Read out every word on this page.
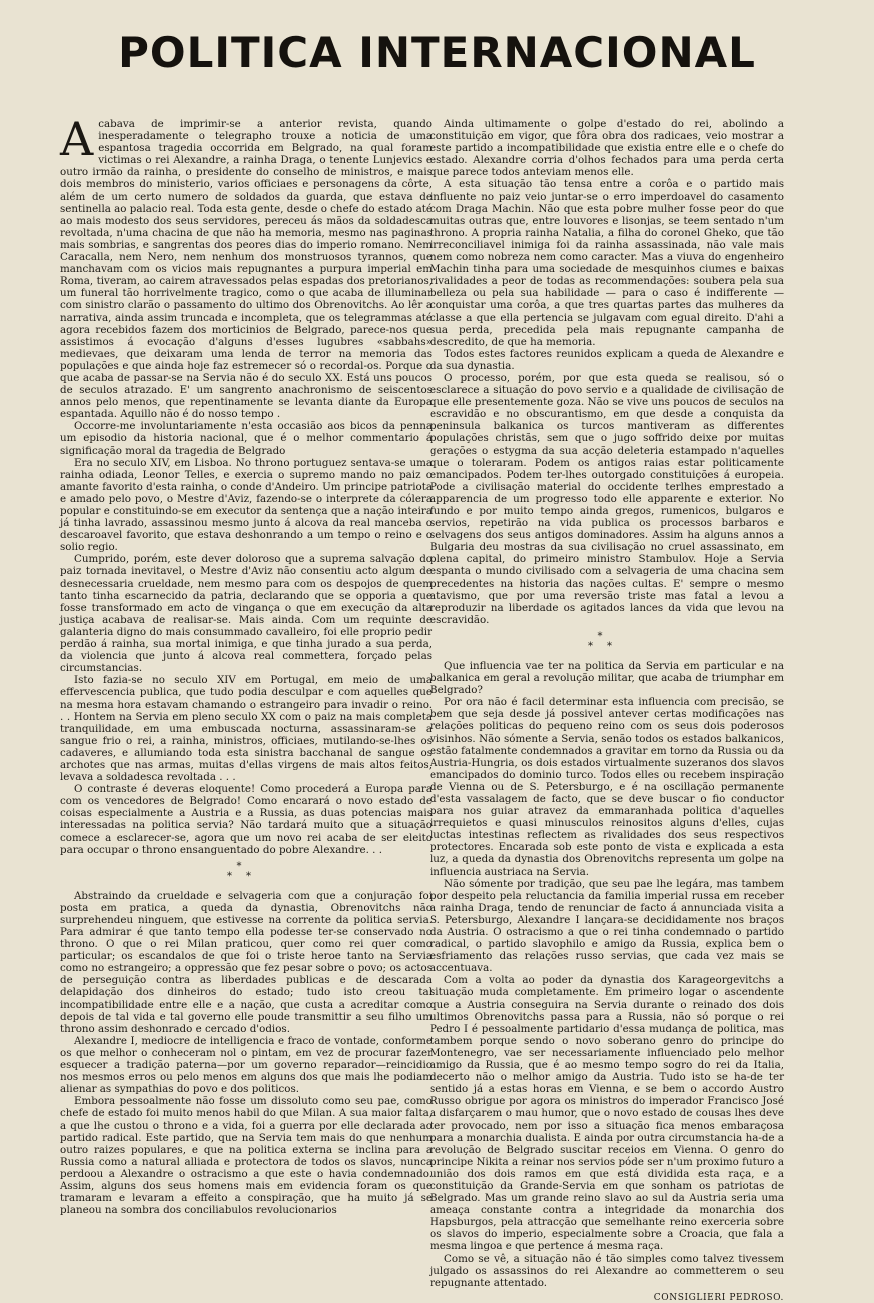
POLITICA INTERNACIONAL

Acabava de imprimir-se a anterior revista, quando inesperadamente o telegrapho trouxe a noticia de uma espantosa tragedia occorrida em Belgrado, na qual foram victimas o rei Alexandre, a rainha Draga, o tenente Lunjevics e outro irmão da rainha, o presidente do conselho de ministros, e mais dois membros do ministerio, varios officiaes e personagens da côrte, além de um certo numero de soldados da guarda, que estava de sentinella ao palacio real. Toda esta gente, desde o chefe do estado até ao mais modesto dos seus servidores, pereceu ás mãos da soldadesca revoltada, n'uma chacina de que não ha memoria, mesmo nas paginas mais sombrias, e sangrentas dos peores dias do imperio romano. Nem Caracalla, nem Nero, nem nenhum dos monstruosos tyrannos, que manchavam com os vicios mais repugnantes a purpura imperial em Roma, tiveram, ao cairem atravessados pelas espadas dos pretorianos, um funeral tão horrivelmente tragico, como o que acaba de illuminar com sinistro clarão o passamento do ultimo dos Obrenovitchs. Ao lêr a narrativa, ainda assim truncada e incompleta, que os telegrammas até agora recebidos fazem dos morticinios de Belgrado, parece-nos que assistimos á evocação d'alguns d'esses lugubres «sabbahs» medievaes, que deixaram uma lenda de terror na memoria das populações e que ainda hoje faz estremecer só o recordal-os. Porque o que acaba de passar-se na Servia não é do seculo XX. Está uns poucos de seculos atrazado. E' um sangrento anachronismo de seiscentos annos pelo menos, que repentinamente se levanta diante da Europa espantada. Aquillo não é do nosso tempo .

Occorre-me involuntariamente n'esta occasião aos bicos da penna um episodio da historia nacional, que é o melhor commentario á significação moral da tragedia de Belgrado

Era no seculo XIV, em Lisboa. No throno portuguez sentava-se uma rainha odiada, Leonor Telles, e exercia o supremo mando no paiz o amante favorito d'esta rainha, o conde d'Andeiro. Um principe patriota e amado pelo povo, o Mestre d'Aviz, fazendo-se o interprete da cólera popular e constituindo-se em executor da sentença que a nação inteira já tinha lavrado, assassinou mesmo junto á alcova da real manceba o descaroavel favorito, que estava deshonrando a um tempo o reino e o solio regio.

Cumprido, porém, este dever doloroso que a suprema salvação do paiz tornada inevitavel, o Mestre d'Aviz não consentiu acto algum de desnecessaria crueldade, nem mesmo para com os despojos de quem tanto tinha escarnecido da patria, declarando que se opporia a que fosse transformado em acto de vingança o que em execução da alta justiça acabava de realisar-se. Mais ainda. Com um requinte de galanteria digno do mais consummado cavalleiro, foi elle proprio pedir perdão á rainha, sua mortal inimiga, e que tinha jurado a sua perda, da violencia que junto á alcova real commettera, forçado pelas circumstancias.

Isto fazia-se no seculo XIV em Portugal, em meio de uma effervescencia publica, que tudo podia desculpar e com aquelles que na mesma hora estavam chamando o estrangeiro para invadir o reino. . . Hontem na Servia em pleno seculo XX com o paiz na mais completa tranquilidade, em uma embuscada nocturna, assassinaram-se a sangue frio o rei, a rainha, ministros, officiaes, mutilando-se-lhes os cadaveres, e allumiando toda esta sinistra bacchanal de sangue os archotes que nas armas, muitas d'ellas virgens de mais altos feitos, levava a soldadesca revoltada . . .

O contraste é deveras eloquente! Como procederá a Europa para com os vencedores de Belgrado! Como encarará o novo estado de coisas especialmente a Austria e a Russia, as duas potencias mais interessadas na politica servia? Não tardará muito que a situação comece a esclarecer-se, agora que um novo rei acaba de ser eleito para occupar o throno ensanguentado do pobre Alexandre. . .

*
**

Abstraindo da crueldade e selvageria com que a conjuração foi posta em pratica, a queda da dynastia, Obrenovitchs não surprehendeu ninguem, que estivesse na corrente da politica servia. Para admirar é que tanto tempo ella podesse ter-se conservado no throno. O que o rei Milan praticou, quer como rei quer como particular; os escandalos de que foi o triste heroe tanto na Servia como no estrangeiro; a oppressão que fez pesar sobre o povo; os actos de perseguição contra as liberdades publicas e de descarada delapidação dos dinheiros do estado; tudo isto creou tal incompatibilidade entre elle e a nação, que custa a acreditar como depois de tal vida e tal governo elle poude transmittir a seu filho um throno assim deshonrado e cercado d'odios.

Alexandre I, mediocre de intelligencia e fraco de vontade, conforme os que melhor o conheceram nol o pintam, em vez de procurar fazer esquecer a tradição paterna—por um governo reparador—reincidio nos mesmos erros ou pelo menos em alguns dos que mais lhe podiam alienar as sympathias do povo e dos politicos.

Embora pessoalmente não fosse um dissoluto como seu pae, como chefe de estado foi muito menos habil do que Milan. A sua maior falta, a que lhe custou o throno e a vida, foi a guerra por elle declarada ao partido radical. Este partido, que na Servia tem mais do que nenhum outro raizes populares, e que na politica externa se inclina para a Russia como a natural alliada e protectora de todos os slavos, nunca perdoou a Alexandre o ostracismo a que este o havia condemnado. Assim, alguns dos seus homens mais em evidencia foram os que tramaram e levaram a effeito a conspiração, que ha muito já se planeou na sombra dos conciliabulos revolucionarios

Ainda ultimamente o golpe d'estado do rei, abolindo a constituição em vigor, que fôra obra dos radicaes, veio mostrar a este partido a incompatibilidade que existia entre elle e o chefe do estado. Alexandre corria d'olhos fechados para uma perda certa que parece todos anteviam menos elle.

A esta situação tão tensa entre a corôa e o partido mais influente no paiz veio juntar-se o erro imperdoavel do casamento com Draga Machin. Não que esta pobre mulher fosse peor do que muitas outras que, entre louvores e lisonjas, se teem sentado n'um throno. A propria rainha Natalia, a filha do coronel Gheko, que tão irreconciliavel inimiga foi da rainha assassinada, não vale mais nem como nobreza nem como caracter. Mas a viuva do engenheiro Machin tinha para uma sociedade de mesquinhos ciumes e baixas rivalidades a peor de todas as recommendações: soubera pela sua belleza ou pela sua habilidade — para o caso é indifferente — conquistar uma corôa, a que tres quartas partes das mulheres da classe a que ella pertencia se julgavam com egual direito. D'ahi a sua perda, precedida pela mais repugnante campanha de descredito, de que ha memoria.

Todos estes factores reunidos explicam a queda de Alexandre e da sua dynastia.

O processo, porém, por que esta queda se realisou, só o esclarece a situação do povo servio e a qualidade de civilisação de que elle presentemente goza. Não se vive uns poucos de seculos na escravidão e no obscurantismo, em que desde a conquista da peninsula balkanica os turcos mantiveram as differentes populações christãs, sem que o jugo soffrido deixe por muitas gerações o estygma da sua acção deleteria estampado n'aquelles que o toleraram. Podem os antigos raias estar politicamente emancipados. Podem ter-lhes outorgado constituições á europeia. Pode a civilisação material do occidente terlhes emprestado a apparencia de um progresso todo elle apparente e exterior. No fundo e por muito tempo ainda gregos, rumenicos, bulgaros e servios, repetirão na vida publica os processos barbaros e selvagens dos seus antigos dominadores. Assim ha alguns annos a Bulgaria deu mostras da sua civilisação no cruel assassinato, em plena capital, do primeiro ministro Stambulov. Hoje a Servia espanta o mundo civilisado com a selvageria de uma chacina sem precedentes na historia das nações cultas. E' sempre o mesmo atavismo, que por uma reversão triste mas fatal a levou a reproduzir na liberdade os agitados lances da vida que levou na escravidão.

*
**

Que influencia vae ter na politica da Servia em particular e na balkanica em geral a revolução militar, que acaba de triumphar em Belgrado?

Por ora não é facil determinar esta influencia com precisão, se bem que seja desde já possivel antever certas modificações nas relações politicas do pequeno reino com os seus dois poderosos visinhos. Não sómente a Servia, senão todos os estados balkanicos, estão fatalmente condemnados a gravitar em torno da Russia ou da Austria-Hungria, os dois estados virtualmente suzeranos dos slavos emancipados do dominio turco. Todos elles ou recebem inspiração de Vienna ou de S. Petersburgo, e é na oscillação permanente d'esta vassalagem de facto, que se deve buscar o fio conductor para nos guiar atravez da emmaranhada politica d'aquelles irrequietos e quasi minusculos reinositos alguns d'elles, cujas luctas intestinas reflectem as rivalidades dos seus respectivos protectores. Encarada sob este ponto de vista e explicada a esta luz, a queda da dynastia dos Obrenovitchs representa um golpe na influencia austriaca na Servia.

Não sómente por tradição, que seu pae lhe legára, mas tambem por despeito pela reluctancia da familia imperial russa em receber a rainha Draga, tendo de renunciar de facto á annunciada visita a S. Petersburgo, Alexandre I lançara-se decididamente nos braços da Austria. O ostracismo a que o rei tinha condemnado o partido radical, o partido slavophilo e amigo da Russia, explica bem o esfriamento das relações russo servias, que cada vez mais se accentuava.

Com a volta ao poder da dynastia dos Karageorgevitchs a situação muda completamente. Em primeiro logar o ascendente que a Austria conseguira na Servia durante o reinado dos dois ultimos Obrenovitchs passa para a Russia, não só porque o rei Pedro I é pessoalmente partidario d'essa mudança de politica, mas tambem porque sendo o novo soberano genro do principe do Montenegro, vae ser necessariamente influenciado pelo melhor amigo da Russia, que é ao mesmo tempo sogro do rei da Italia, decerto não o melhor amigo da Austria. Tudo isto se ha-de ter sentido já a estas horas em Vienna, e se bem o accordo Austro Russo obrigue por agora os ministros do imperador Francisco José a disfarçarem o mau humor, que o novo estado de cousas lhes deve ter provocado, nem por isso a situação fica menos embaraçosa para a monarchia dualista. E ainda por outra circumstancia ha-de a revolução de Belgrado suscitar receios em Vienna. O genro do principe Nikita a reinar nos servios póde ser n'um proximo futuro a união dos dois ramos em que está dividida esta raça, e a constituição da Grande-Servia em que sonham os patriotas de Belgrado. Mas um grande reino slavo ao sul da Austria seria uma ameaça constante contra a integridade da monarchia dos Hapsburgos, pela attracção que semelhante reino exerceria sobre os slavos do imperio, especialmente sobre a Croacia, que fala a mesma lingoa e que pertence á mesma raça.

Como se vê, a situação não é tão simples como talvez tivessem julgado os assassinos do rei Alexandre ao commetterem o seu repugnante attentado.

CONSIGLIERI PEDROSO.
